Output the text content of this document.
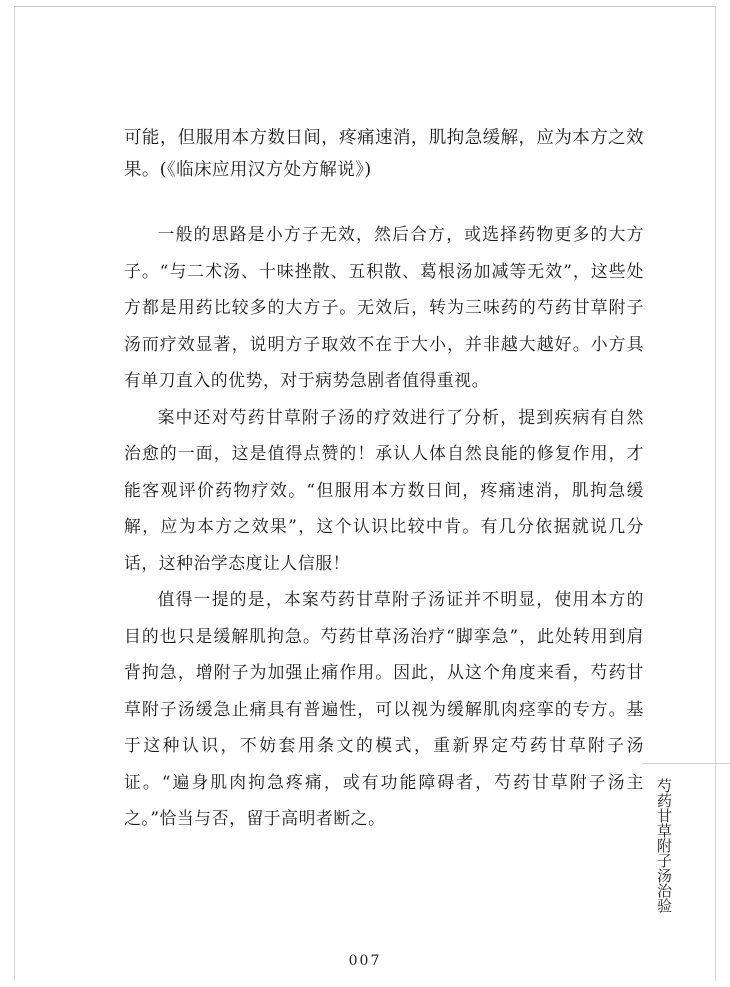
可能，但服用本方数日间，疼痛速消，肌拘急缓解，应为本方之效果。(《临床应用汉方处方解说》)

一般的思路是小方子无效，然后合方，或选择药物更多的大方子。“与二术汤、十味挫散、五积散、葛根汤加减等无效”，这些处方都是用药比较多的大方子。无效后，转为三味药的芍药甘草附子汤而疗效显著，说明方子取效不在于大小，并非越大越好。小方具有单刀直入的优势，对于病势急剧者值得重视。

案中还对芍药甘草附子汤的疗效进行了分析，提到疾病有自然治愈的一面，这是值得点赞的！承认人体自然良能的修复作用，才能客观评价药物疗效。“但服用本方数日间，疼痛速消，肌拘急缓解，应为本方之效果”，这个认识比较中肯。有几分依据就说几分话，这种治学态度让人信服！

值得一提的是，本案芍药甘草附子汤证并不明显，使用本方的目的也只是缓解肌拘急。芍药甘草汤治疗“脚挛急”，此处转用到肩背拘急，增附子为加强止痛作用。因此，从这个角度来看，芍药甘草附子汤缓急止痛具有普遍性，可以视为缓解肌肉痉挛的专方。基于这种认识，不妨套用条文的模式，重新界定芍药甘草附子汤证。“遍身肌肉拘急疼痛，或有功能障碍者，芍药甘草附子汤主之。”恰当与否，留于高明者断之。	芍药甘草附子汤治验
007
